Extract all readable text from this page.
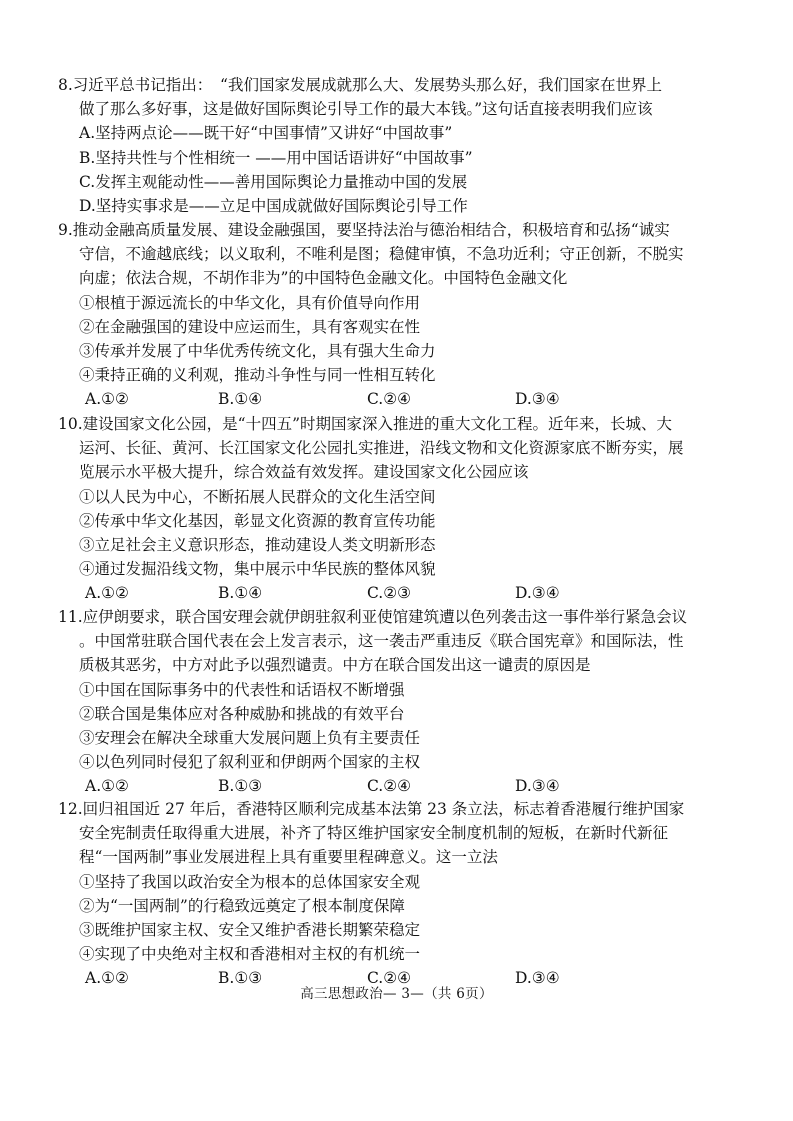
8.习近平总书记指出：　“我们国家发展成就那么大、发展势头那么好，我们国家在世界上
做了那么多好事，这是做好国际舆论引导工作的最大本钱。”这句话直接表明我们应该
A.坚持两点论——既干好“中国事情”又讲好“中国故事”
B.坚持共性与个性相统一 ——用中国话语讲好“中国故事”
C.发挥主观能动性——善用国际舆论力量推动中国的发展
D.坚持实事求是——立足中国成就做好国际舆论引导工作
9.推动金融高质量发展、建设金融强国，要坚持法治与德治相结合，积极培育和弘扬“诚实
守信，不逾越底线；以义取利，不唯利是图；稳健审慎，不急功近利；守正创新，不脱实
向虚；依法合规，不胡作非为”的中国特色金融文化。中国特色金融文化
①根植于源远流长的中华文化，具有价值导向作用
②在金融强国的建设中应运而生，具有客观实在性
③传承并发展了中华优秀传统文化，具有强大生命力
④秉持正确的义利观，推动斗争性与同一性相互转化
A.①②	B.①④	C.②④	D.③④
10.建设国家文化公园，是“十四五”时期国家深入推进的重大文化工程。近年来，长城、大
运河、长征、黄河、长江国家文化公园扎实推进，沿线文物和文化资源家底不断夯实，展
览展示水平极大提升，综合效益有效发挥。建设国家文化公园应该
①以人民为中心，不断拓展人民群众的文化生活空间
②传承中华文化基因，彰显文化资源的教育宣传功能
③立足社会主义意识形态，推动建设人类文明新形态
④通过发掘沿线文物，集中展示中华民族的整体风貌
A.①②	B.①④	C.②③	D.③④
11.应伊朗要求，联合国安理会就伊朗驻叙利亚使馆建筑遭以色列袭击这一事件举行紧急会议
。中国常驻联合国代表在会上发言表示，这一袭击严重违反《联合国宪章》和国际法，性
质极其恶劣，中方对此予以强烈谴责。中方在联合国发出这一谴责的原因是
①中国在国际事务中的代表性和话语权不断增强
②联合国是集体应对各种威胁和挑战的有效平台
③安理会在解决全球重大发展问题上负有主要责任
④以色列同时侵犯了叙利亚和伊朗两个国家的主权
A.①②	B.①③	C.②④	D.③④
12.回归祖国近 27 年后，香港特区顺利完成基本法第 23 条立法，标志着香港履行维护国家
安全宪制责任取得重大进展，补齐了特区维护国家安全制度机制的短板，在新时代新征
程“一国两制”事业发展进程上具有重要里程碑意义。这一立法
①坚持了我国以政治安全为根本的总体国家安全观
②为“一国两制”的行稳致远奠定了根本制度保障
③既维护国家主权、安全又维护香港长期繁荣稳定
④实现了中央绝对主权和香港相对主权的有机统一
A.①②	B.①③	C.②④	D.③④
高三思想政治— 3—（共 6页）
